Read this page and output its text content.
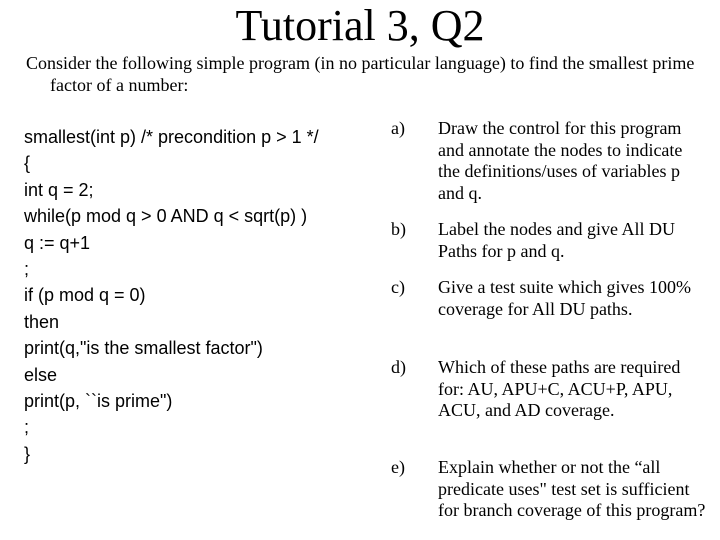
Tutorial 3, Q2
Consider the following simple program (in no particular language) to find the smallest prime factor of a number:
smallest(int p) /* precondition p > 1 */
{
int q = 2;
while(p mod q > 0 AND q < sqrt(p) )
q := q+1
;
if (p mod q = 0)
then
print(q,"is the smallest factor")
else
print(p, ``is prime")
;
}
a) Draw the control for this program and annotate the nodes to indicate the definitions/uses of variables p and q.
b) Label the nodes and give All DU Paths for p and q.
c) Give a test suite which gives 100% coverage for All DU paths.
d) Which of these paths are required for: AU, APU+C, ACU+P, APU, ACU, and AD coverage.
e) Explain whether or not the “all predicate uses" test set is sufficient for branch coverage of this program?
